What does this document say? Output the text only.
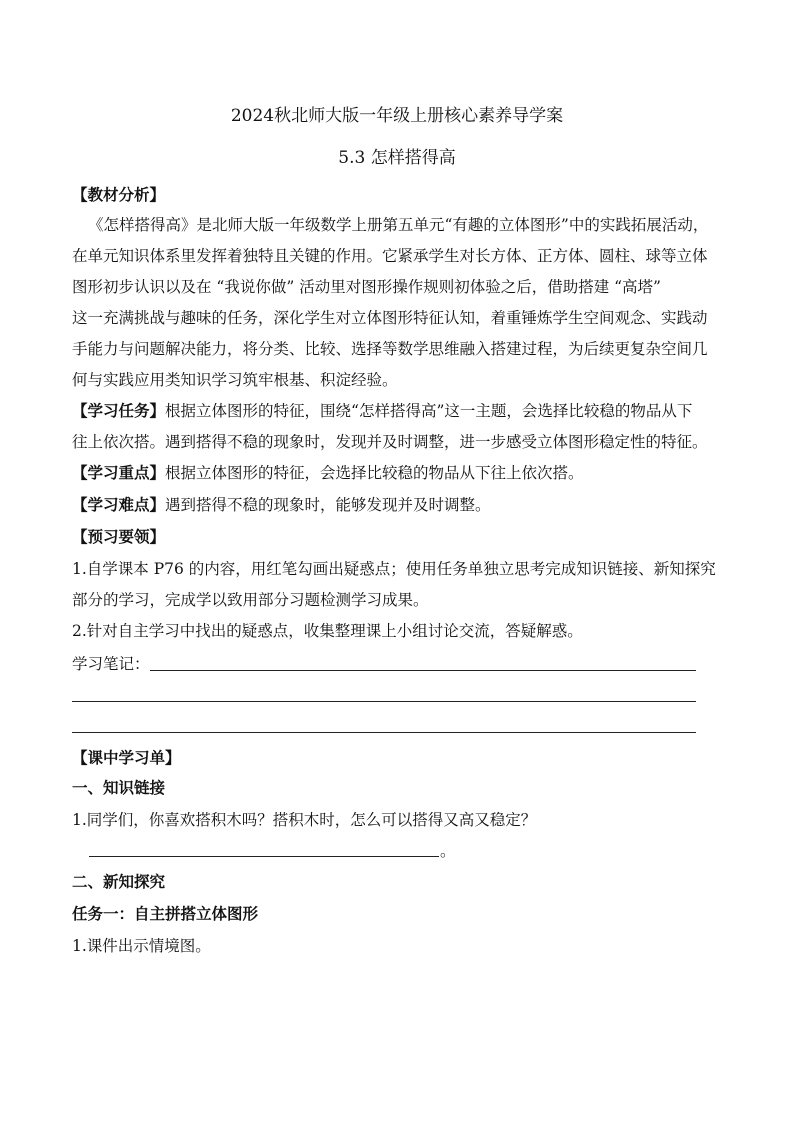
2024秋北师大版一年级上册核心素养导学案
5.3 怎样搭得高
【教材分析】
《怎样搭得高》是北师大版一年级数学上册第五单元“有趣的立体图形”中的实践拓展活动，
在单元知识体系里发挥着独特且关键的作用。它紧承学生对长方体、正方体、圆柱、球等立体
图形初步认识以及在 “我说你做” 活动里对图形操作规则初体验之后，借助搭建 “高塔”
这一充满挑战与趣味的任务，深化学生对立体图形特征认知，着重锤炼学生空间观念、实践动
手能力与问题解决能力，将分类、比较、选择等数学思维融入搭建过程，为后续更复杂空间几
何与实践应用类知识学习筑牢根基、积淀经验。
【学习任务】根据立体图形的特征，围绕“怎样搭得高”这一主题，会选择比较稳的物品从下
往上依次搭。遇到搭得不稳的现象时，发现并及时调整，进一步感受立体图形稳定性的特征。
【学习重点】根据立体图形的特征，会选择比较稳的物品从下往上依次搭。
【学习难点】遇到搭得不稳的现象时，能够发现并及时调整。
【预习要领】
1.自学课本 P76 的内容，用红笔勾画出疑惑点；使用任务单独立思考完成知识链接、新知探究
部分的学习，完成学以致用部分习题检测学习成果。
2.针对自主学习中找出的疑惑点，收集整理课上小组讨论交流，答疑解惑。
学习笔记：
【课中学习单】
一、知识链接
1.同学们，你喜欢搭积木吗？搭积木时，怎么可以搭得又高又稳定？
。
二、新知探究
任务一：自主拼搭立体图形
1.课件出示情境图。
